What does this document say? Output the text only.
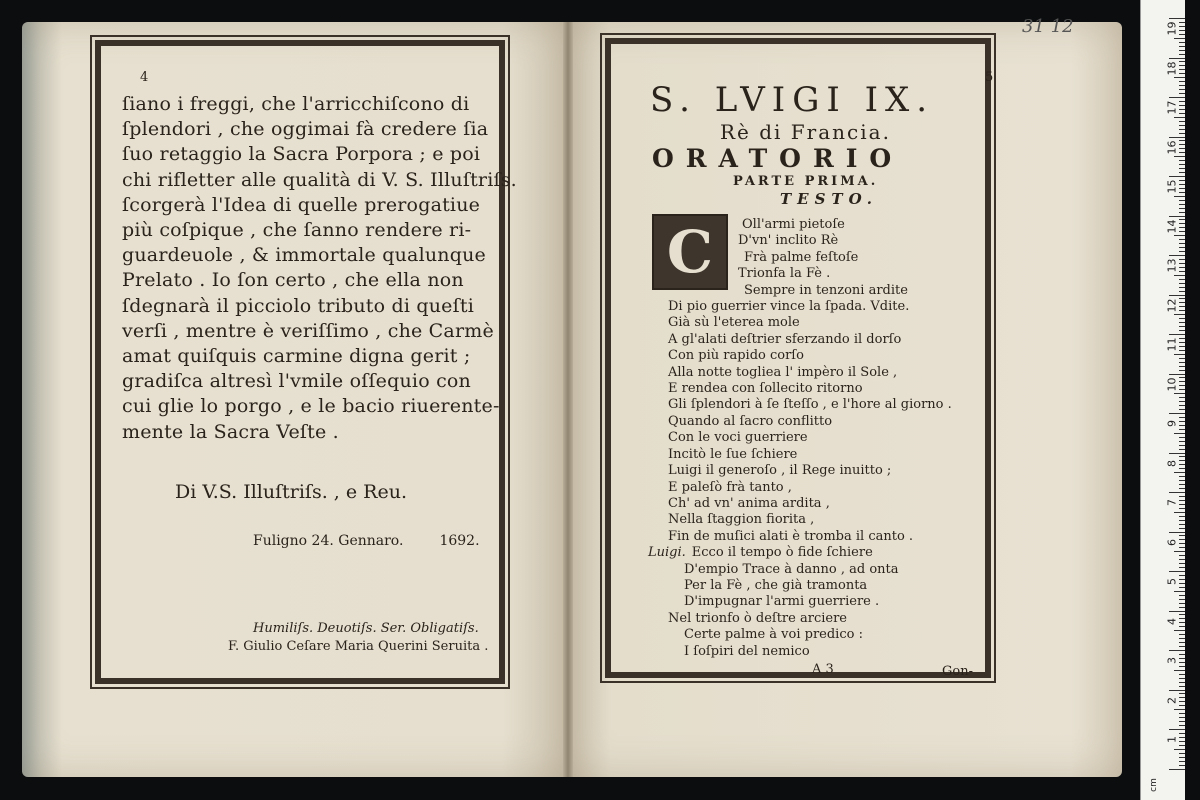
4
ſiano i freggi, che l'arricchiſcono di
ſplendori , che oggimai fà credere ſia
ſuo retaggio la Sacra Porpora ; e poi
chi rifletter alle qualità di V. S. Illuſtriſs.
ſcorgerà l'Idea di quelle prerogatiue
più coſpique , che ſanno rendere ri-
guardeuole , & immortale qualunque
Prelato . Io ſon certo , che ella non
ſdegnarà il picciolo tributo di queſti
verſi , mentre è veriſſimo , che Carmè
amat quiſquis carmine digna gerit ;
gradiſca altresì l'vmile oſſequio con
cui glie lo porgo , e le bacio riuerente-
mente la Sacra Veſte .
Di V.S. Illuſtriſs. , e Reu.
Fuligno 24. Gennaro.	1692.
Humiliſs. Deuotiſs. Ser. Obligatiſs.
F. Giulio Ceſare Maria Querini Seruita .
31 12
5
S. LVIGI IX.
Rè di Francia.
ORATORIO
PARTE PRIMA.
TESTO.
C	Oll'armi pietoſe
D'vn' inclito Rè
Frà palme feſtoſe
Trionfa la Fè .
Sempre in tenzoni ardite
Di pio guerrier vince la ſpada. Vdite.
Già sù l'eterea mole
A gl'alati deſtrier sferzando il dorſo
Con più rapido corſo
Alla notte togliea l' impèro il Sole ,
E rendea con ſollecito ritorno
Gli ſplendori à ſe ſteſſo , e l'hore al giorno .
Quando al ſacro conflitto
Con le voci guerriere
Incitò le ſue ſchiere
Luigi il generoſo , il Rege inuitto ;
E paleſò frà tanto ,
Ch' ad vn' anima ardita ,
Nella ſtaggion fiorita ,
Fin de muſici alati è tromba il canto .
Luigi. Ecco il tempo ò fide ſchiere
D'empio Trace à danno , ad onta
Per la Fè , che già tramonta
D'impugnar l'armi guerriere .
Nel trionfo ò deſtre arciere
Certe palme à voi predico :
I ſoſpiri del nemico
A 3	Gon-
cm
19
18
17
16
15
14
13
12
11
10
9
8
7
6
5
4
3
2
1
